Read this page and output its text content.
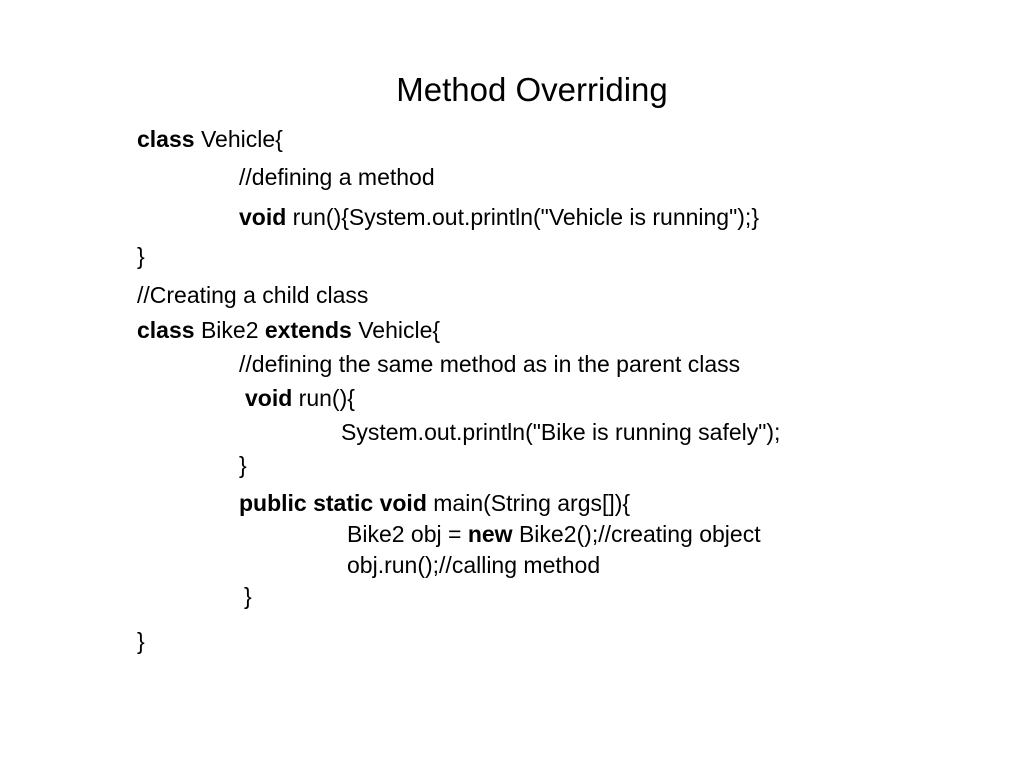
Method Overriding
class Vehicle{
//defining a method
void run(){System.out.println("Vehicle is running");}
}
//Creating a child class
class Bike2 extends Vehicle{
//defining the same method as in the parent class
void run(){
System.out.println("Bike is running safely");
}
public static void main(String args[]){
Bike2 obj = new Bike2();//creating object
obj.run();//calling method
}
}
